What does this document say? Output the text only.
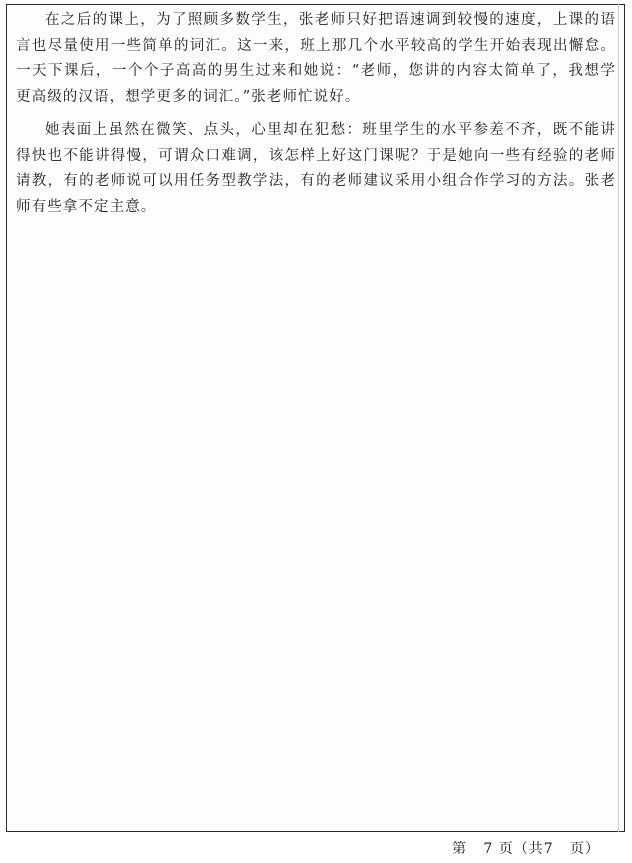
在之后的课上，为了照顾多数学生，张老师只好把语速调到较慢的速度，上课的语言也尽量使用一些简单的词汇。这一来，班上那几个水平较高的学生开始表现出懈怠。一天下课后，一个个子高高的男生过来和她说：“老师，您讲的内容太简单了，我想学更高级的汉语，想学更多的词汇。”张老师忙说好。

她表面上虽然在微笑、点头，心里却在犯愁：班里学生的水平参差不齐，既不能讲得快也不能讲得慢，可谓众口难调，该怎样上好这门课呢？于是她向一些有经验的老师请教，有的老师说可以用任务型教学法，有的老师建议采用小组合作学习的方法。张老师有些拿不定主意。

第 7 页（共7 页）
